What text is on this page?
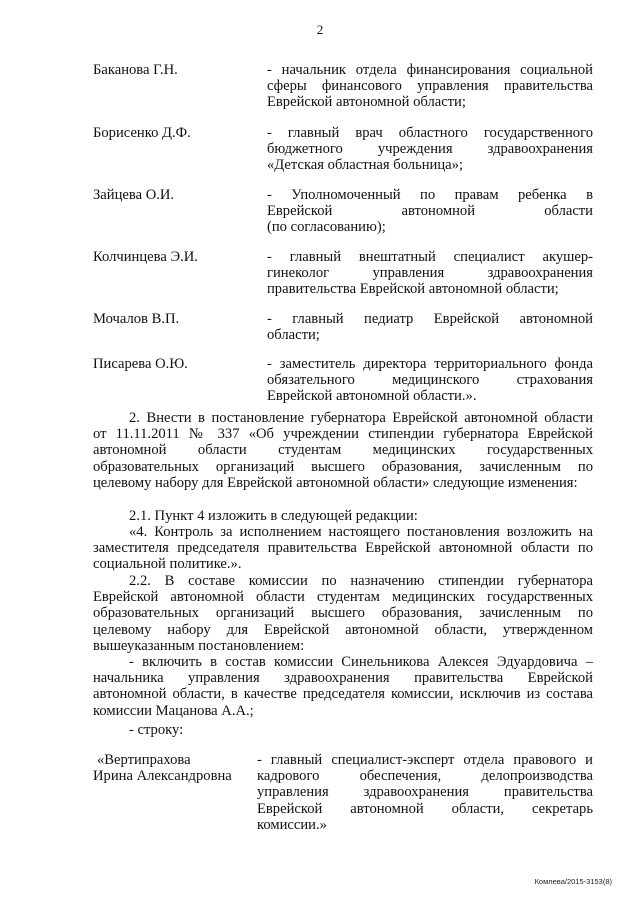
2
Баканова Г.Н.	- начальник отдела финансирования социальной
сферы финансового управления правительства
Еврейской автономной области;
Борисенко Д.Ф.	- главный врач областного государственного
бюджетного учреждения здравоохранения
«Детская областная больница»;
Зайцева О.И.	- Уполномоченный по правам ребенка в
Еврейской автономной области
(по согласованию);
Колчинцева Э.И.	- главный внештатный специалист акушер-
гинеколог управления здравоохранения
правительства Еврейской автономной области;
Мочалов В.П.	- главный педиатр Еврейской автономной
области;
Писарева О.Ю.	- заместитель директора территориального фонда
обязательного медицинского страхования
Еврейской автономной области.».
2. Внести в постановление губернатора Еврейской автономной области
от 11.11.2011 № 337 «Об учреждении стипендии губернатора Еврейской
автономной области студентам медицинских государственных
образовательных организаций высшего образования, зачисленным по
целевому набору для Еврейской автономной области» следующие изменения:
2.1. Пункт 4 изложить в следующей редакции:
«4. Контроль за исполнением настоящего постановления возложить на
заместителя председателя правительства Еврейской автономной области по
социальной политике.».
2.2. В составе комиссии по назначению стипендии губернатора
Еврейской автономной области студентам медицинских государственных
образовательных организаций высшего образования, зачисленным по
целевому набору для Еврейской автономной области, утвержденном
вышеуказанным постановлением:
- включить в состав комиссии Синельникова Алексея Эдуардовича –
начальника управления здравоохранения правительства Еврейской
автономной области, в качестве председателя комиссии, исключив из состава
комиссии Мацанова А.А.;
- строку:
«Вертипрахова
Ирина Александровна
- главный специалист-эксперт отдела правового и
кадрового обеспечения, делопроизводства
управления здравоохранения правительства
Еврейской автономной области, секретарь
комиссии.»
Комлева/2015-3153(8)
